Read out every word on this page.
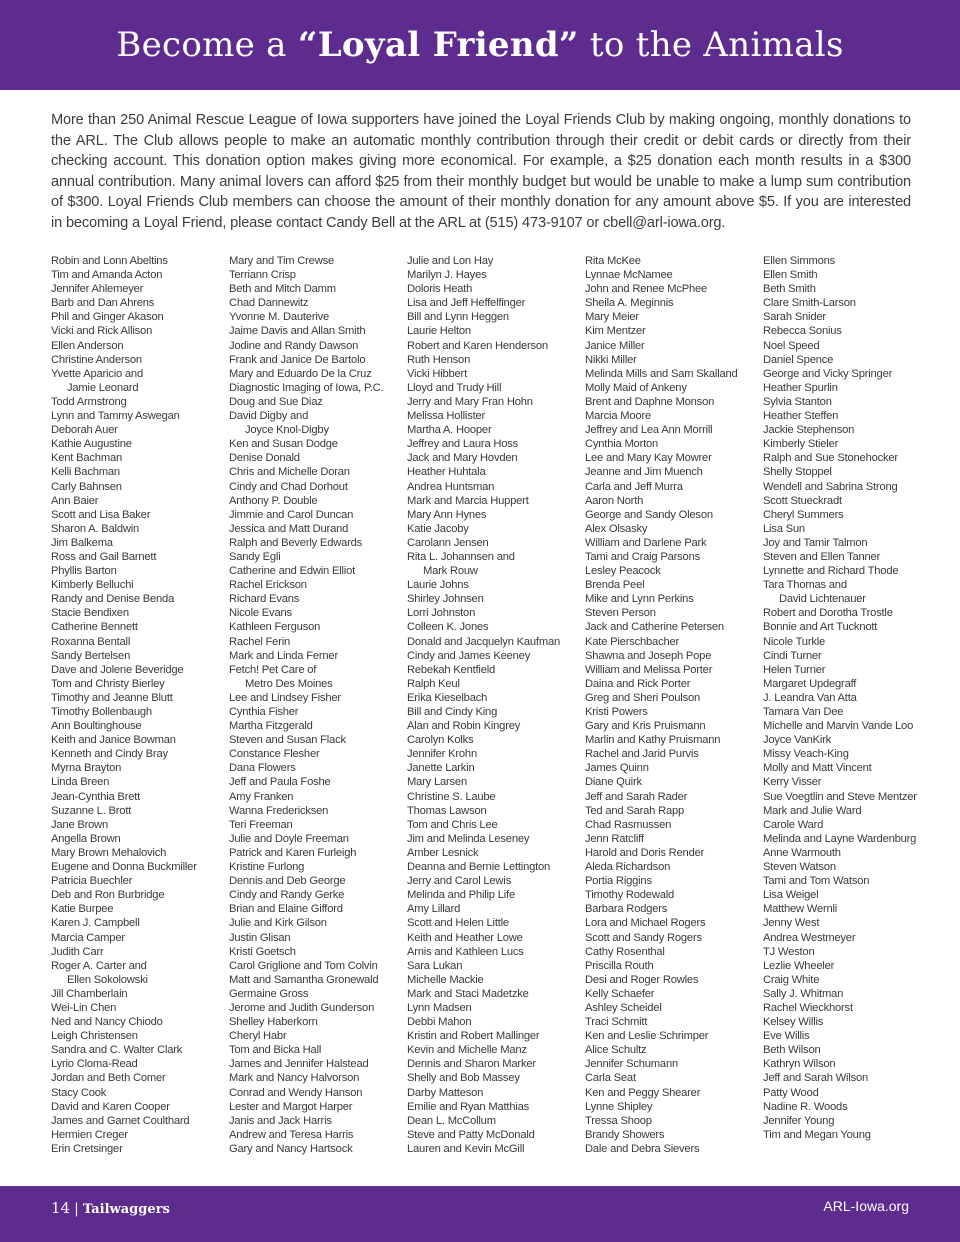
Become a “Loyal Friend” to the Animals

More than 250 Animal Rescue League of Iowa supporters have joined the Loyal Friends Club by making ongoing, monthly donations to the ARL. The Club allows people to make an automatic monthly contribution through their credit or debit cards or directly from their checking account. This donation option makes giving more economical. For example, a $25 donation each month results in a $300 annual contribution. Many animal lovers can afford $25 from their monthly budget but would be unable to make a lump sum contribution of $300. Loyal Friends Club members can choose the amount of their monthly donation for any amount above $5. If you are interested in becoming a Loyal Friend, please contact Candy Bell at the ARL at (515) 473-9107 or cbell@arl-iowa.org.

Robin and Lonn Abeltins
Tim and Amanda Acton
Jennifer Ahlemeyer
Barb and Dan Ahrens
Phil and Ginger Akason
Vicki and Rick Allison
Ellen Anderson
Christine Anderson
Yvette Aparicio and
Jamie Leonard
Todd Armstrong
Lynn and Tammy Aswegan
Deborah Auer
Kathie Augustine
Kent Bachman
Kelli Bachman
Carly Bahnsen
Ann Baier
Scott and Lisa Baker
Sharon A. Baldwin
Jim Balkema
Ross and Gail Barnett
Phyllis Barton
Kimberly Belluchi
Randy and Denise Benda
Stacie Bendixen
Catherine Bennett
Roxanna Bentall
Sandy Bertelsen
Dave and Jolene Beveridge
Tom and Christy Bierley
Timothy and Jeanne Blutt
Timothy Bollenbaugh
Ann Boultinghouse
Keith and Janice Bowman
Kenneth and Cindy Bray
Myrna Brayton
Linda Breen
Jean-Cynthia Brett
Suzanne L. Brott
Jane Brown
Angella Brown
Mary Brown Mehalovich
Eugene and Donna Buckmiller
Patricia Buechler
Deb and Ron Burbridge
Katie Burpee
Karen J. Campbell
Marcia Camper
Judith Carr
Roger A. Carter and
Ellen Sokolowski
Jill Chamberlain
Wei-Lin Chen
Ned and Nancy Chiodo
Leigh Christensen
Sandra and C. Walter Clark
Lyrio Cloma-Read
Jordan and Beth Comer
Stacy Cook
David and Karen Cooper
James and Garnet Coulthard
Hermien Creger
Erin Cretsinger
Mary and Tim Crewse
Terriann Crisp
Beth and Mitch Damm
Chad Dannewitz
Yvonne M. Dauterive
Jaime Davis and Allan Smith
Jodine and Randy Dawson
Frank and Janice De Bartolo
Mary and Eduardo De la Cruz
Diagnostic Imaging of Iowa, P.C.
Doug and Sue Diaz
David Digby and
Joyce Knol-Digby
Ken and Susan Dodge
Denise Donald
Chris and Michelle Doran
Cindy and Chad Dorhout
Anthony P. Double
Jimmie and Carol Duncan
Jessica and Matt Durand
Ralph and Beverly Edwards
Sandy Egli
Catherine and Edwin Elliot
Rachel Erickson
Richard Evans
Nicole Evans
Kathleen Ferguson
Rachel Ferin
Mark and Linda Ferner
Fetch! Pet Care of
Metro Des Moines
Lee and Lindsey Fisher
Cynthia Fisher
Martha Fitzgerald
Steven and Susan Flack
Constance Flesher
Dana Flowers
Jeff and Paula Foshe
Amy Franken
Wanna Fredericksen
Teri Freeman
Julie and Doyle Freeman
Patrick and Karen Furleigh
Kristine Furlong
Dennis and Deb George
Cindy and Randy Gerke
Brian and Elaine Gifford
Julie and Kirk Gilson
Justin Glisan
Kristi Goetsch
Carol Griglione and Tom Colvin
Matt and Samantha Gronewald
Germaine Gross
Jerome and Judith Gunderson
Shelley Haberkorn
Cheryl Habr
Tom and Bicka Hall
James and Jennifer Halstead
Mark and Nancy Halvorson
Conrad and Wendy Hanson
Lester and Margot Harper
Janis and Jack Harris
Andrew and Teresa Harris
Gary and Nancy Hartsock
Julie and Lon Hay
Marilyn J. Hayes
Doloris Heath
Lisa and Jeff Heffelfinger
Bill and Lynn Heggen
Laurie Helton
Robert and Karen Henderson
Ruth Henson
Vicki Hibbert
Lloyd and Trudy Hill
Jerry and Mary Fran Hohn
Melissa Hollister
Martha A. Hooper
Jeffrey and Laura Hoss
Jack and Mary Hovden
Heather Huhtala
Andrea Huntsman
Mark and Marcia Huppert
Mary Ann Hynes
Katie Jacoby
Carolann Jensen
Rita L. Johannsen and
Mark Rouw
Laurie Johns
Shirley Johnsen
Lorri Johnston
Colleen K. Jones
Donald and Jacquelyn Kaufman
Cindy and James Keeney
Rebekah Kentfield
Ralph Keul
Erika Kieselbach
Bill and Cindy King
Alan and Robin Kingrey
Carolyn Kolks
Jennifer Krohn
Janette Larkin
Mary Larsen
Christine S. Laube
Thomas Lawson
Tom and Chris Lee
Jim and Melinda Leseney
Amber Lesnick
Deanna and Bernie Lettington
Jerry and Carol Lewis
Melinda and Philip Life
Amy Lillard
Scott and Helen Little
Keith and Heather Lowe
Arnis and Kathleen Lucs
Sara Lukan
Michelle Mackie
Mark and Staci Madetzke
Lynn Madsen
Debbi Mahon
Kristin and Robert Mallinger
Kevin and Michelle Manz
Dennis and Sharon Marker
Shelly and Bob Massey
Darby Matteson
Emilie and Ryan Matthias
Dean L. McCollum
Steve and Patty McDonald
Lauren and Kevin McGill
Rita McKee
Lynnae McNamee
John and Renee McPhee
Sheila A. Meginnis
Mary Meier
Kim Mentzer
Janice Miller
Nikki Miller
Melinda Mills and Sam Skalland
Molly Maid of Ankeny
Brent and Daphne Monson
Marcia Moore
Jeffrey and Lea Ann Morrill
Cynthia Morton
Lee and Mary Kay Mowrer
Jeanne and Jim Muench
Carla and Jeff Murra
Aaron North
George and Sandy Oleson
Alex Olsasky
William and Darlene Park
Tami and Craig Parsons
Lesley Peacock
Brenda Peel
Mike and Lynn Perkins
Steven Person
Jack and Catherine Petersen
Kate Pierschbacher
Shawna and Joseph Pope
William and Melissa Porter
Daina and Rick Porter
Greg and Sheri Poulson
Kristi Powers
Gary and Kris Pruismann
Marlin and Kathy Pruismann
Rachel and Jarid Purvis
James Quinn
Diane Quirk
Jeff and Sarah Rader
Ted and Sarah Rapp
Chad Rasmussen
Jenn Ratcliff
Harold and Doris Render
Aleda Richardson
Portia Riggins
Timothy Rodewald
Barbara Rodgers
Lora and Michael Rogers
Scott and Sandy Rogers
Cathy Rosenthal
Priscilla Routh
Desi and Roger Rowles
Kelly Schaefer
Ashley Scheidel
Traci Schmitt
Ken and Leslie Schrimper
Alice Schultz
Jennifer Schumann
Carla Seat
Ken and Peggy Shearer
Lynne Shipley
Tressa Shoop
Brandy Showers
Dale and Debra Sievers
Ellen Simmons
Ellen Smith
Beth Smith
Clare Smith-Larson
Sarah Snider
Rebecca Sonius
Noel Speed
Daniel Spence
George and Vicky Springer
Heather Spurlin
Sylvia Stanton
Heather Steffen
Jackie Stephenson
Kimberly Stieler
Ralph and Sue Stonehocker
Shelly Stoppel
Wendell and Sabrina Strong
Scott Stueckradt
Cheryl Summers
Lisa Sun
Joy and Tamir Talmon
Steven and Ellen Tanner
Lynnette and Richard Thode
Tara Thomas and
David Lichtenauer
Robert and Dorotha Trostle
Bonnie and Art Tucknott
Nicole Turkle
Cindi Turner
Helen Turner
Margaret Updegraff
J. Leandra Van Atta
Tamara Van Dee
Michelle and Marvin Vande Loo
Joyce VanKirk
Missy Veach-King
Molly and Matt Vincent
Kerry Visser
Sue Voegtlin and Steve Mentzer
Mark and Julie Ward
Carole Ward
Melinda and Layne Wardenburg
Anne Warmouth
Steven Watson
Tami and Tom Watson
Lisa Weigel
Matthew Wernli
Jenny West
Andrea Westmeyer
TJ Weston
Lezlie Wheeler
Craig White
Sally J. Whitman
Rachel Wieckhorst
Kelsey Willis
Eve Willis
Beth Wilson
Kathryn Wilson
Jeff and Sarah Wilson
Patty Wood
Nadine R. Woods
Jennifer Young
Tim and Megan Young
14 | Tailwaggers	ARL-Iowa.org
